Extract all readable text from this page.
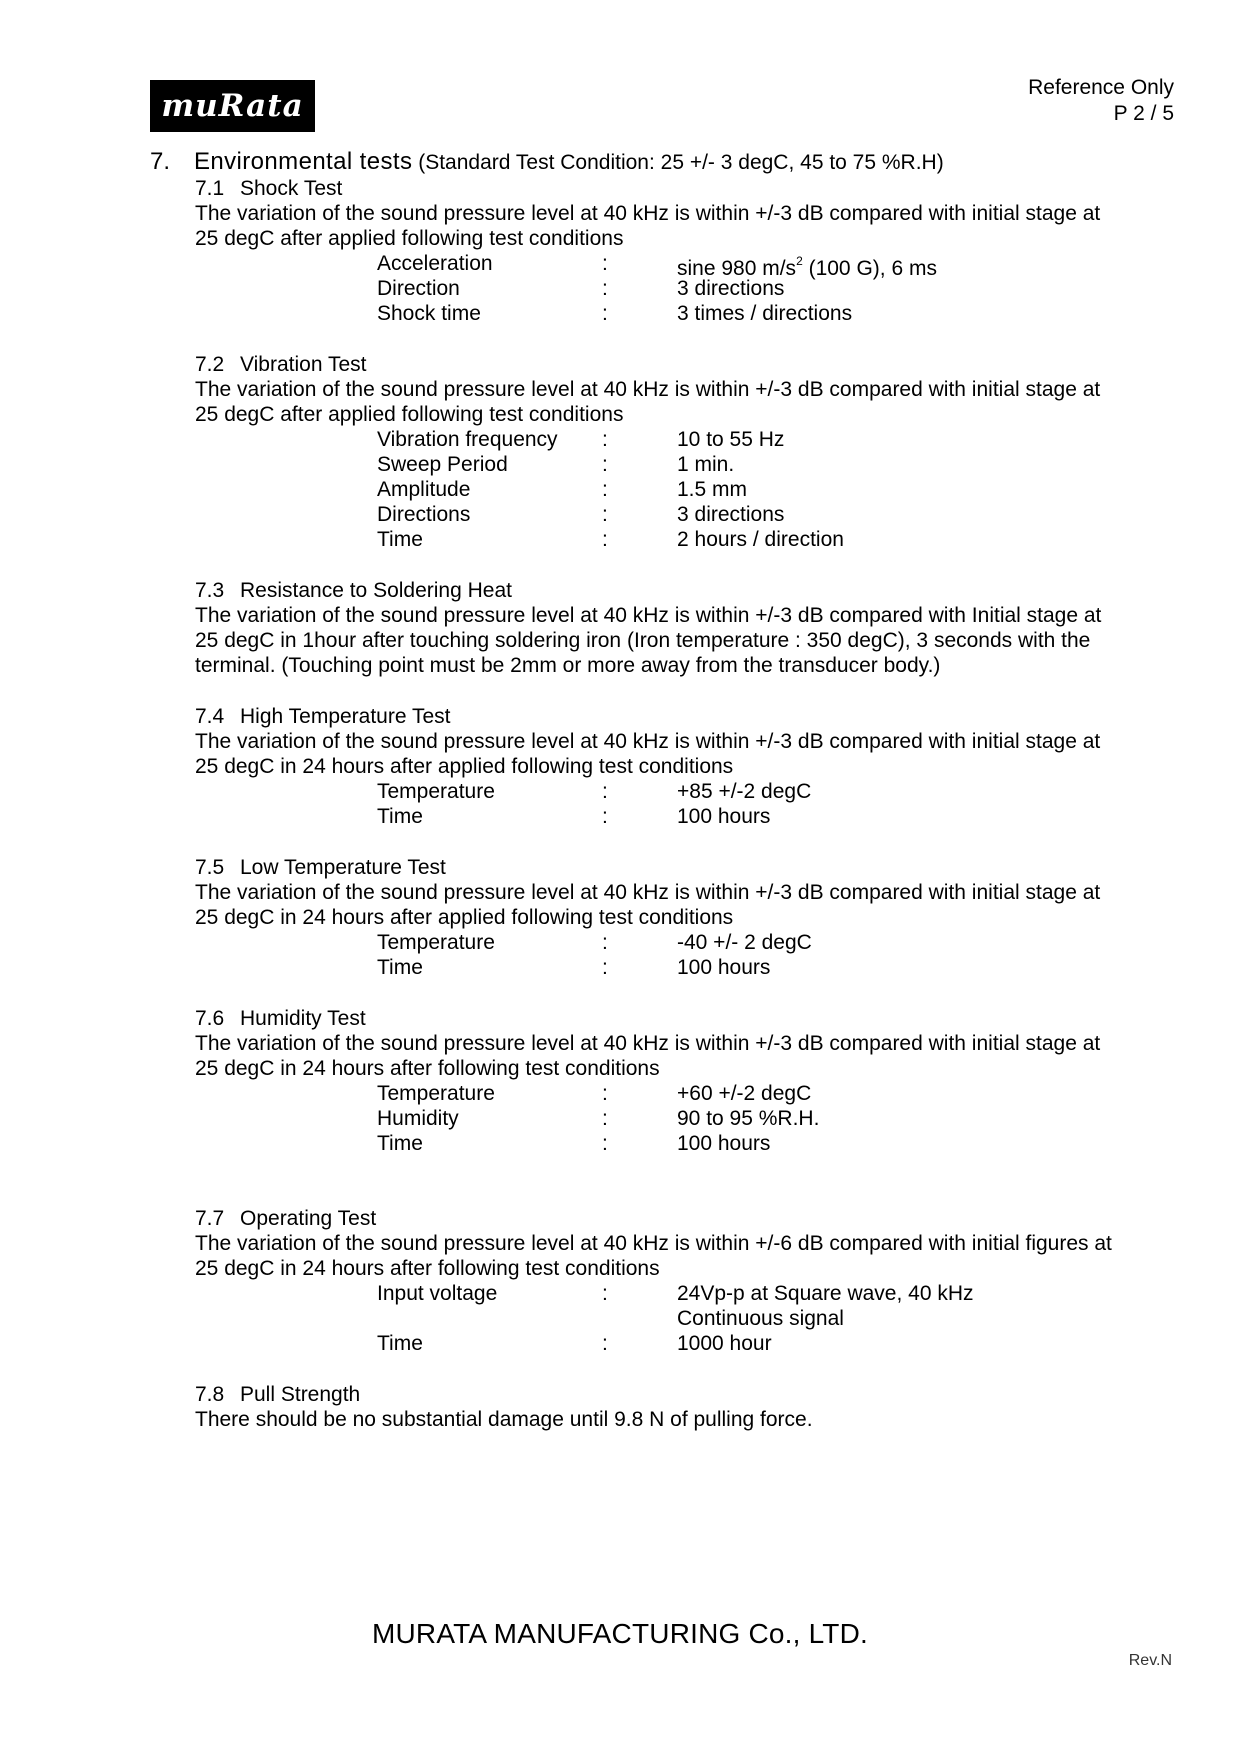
muRata
Reference Only
P 2 / 5
7. Environmental tests (Standard Test Condition: 25 +/- 3 degC, 45 to 75 %R.H)
7.1 Shock Test
The variation of the sound pressure level at 40 kHz is within +/-3 dB compared with initial stage at
25 degC after applied following test conditions
Acceleration	:	sine 980 $m/s^2$ (100 G), 6 ms
Direction	:	3 directions
Shock time	:	3 times / directions
7.2 Vibration Test
The variation of the sound pressure level at 40 kHz is within +/-3 dB compared with initial stage at
25 degC after applied following test conditions
Vibration frequency :	10 to 55 Hz
Sweep Period	:	1 min.
Amplitude	:	1.5 mm
Directions	:	3 directions
Time	:	2 hours / direction
7.3 Resistance to Soldering Heat
The variation of the sound pressure level at 40 kHz is within +/-3 dB compared with Initial stage at
25 degC in 1hour after touching soldering iron (Iron temperature : 350 degC), 3 seconds with the
terminal. (Touching point must be 2mm or more away from the transducer body.)
7.4 High Temperature Test
The variation of the sound pressure level at 40 kHz is within +/-3 dB compared with initial stage at
25 degC in 24 hours after applied following test conditions
Temperature	:	+85 +/-2 degC
Time	:	100 hours
7.5 Low Temperature Test
The variation of the sound pressure level at 40 kHz is within +/-3 dB compared with initial stage at
25 degC in 24 hours after applied following test conditions
Temperature	:	-40 +/- 2 degC
Time	:	100 hours
7.6 Humidity Test
The variation of the sound pressure level at 40 kHz is within +/-3 dB compared with initial stage at
25 degC in 24 hours after following test conditions
Temperature	:	+60 +/-2 degC
Humidity	:	90 to 95 %R.H.
Time	:	100 hours
7.7 Operating Test
The variation of the sound pressure level at 40 kHz is within +/-6 dB compared with initial figures at
25 degC in 24 hours after following test conditions
Input voltage	:	24Vp-p at Square wave, 40 kHz
Continuous signal
Time	:	1000 hour
7.8 Pull Strength
There should be no substantial damage until 9.8 N of pulling force.
MURATA MANUFACTURING Co., LTD.
Rev.N
